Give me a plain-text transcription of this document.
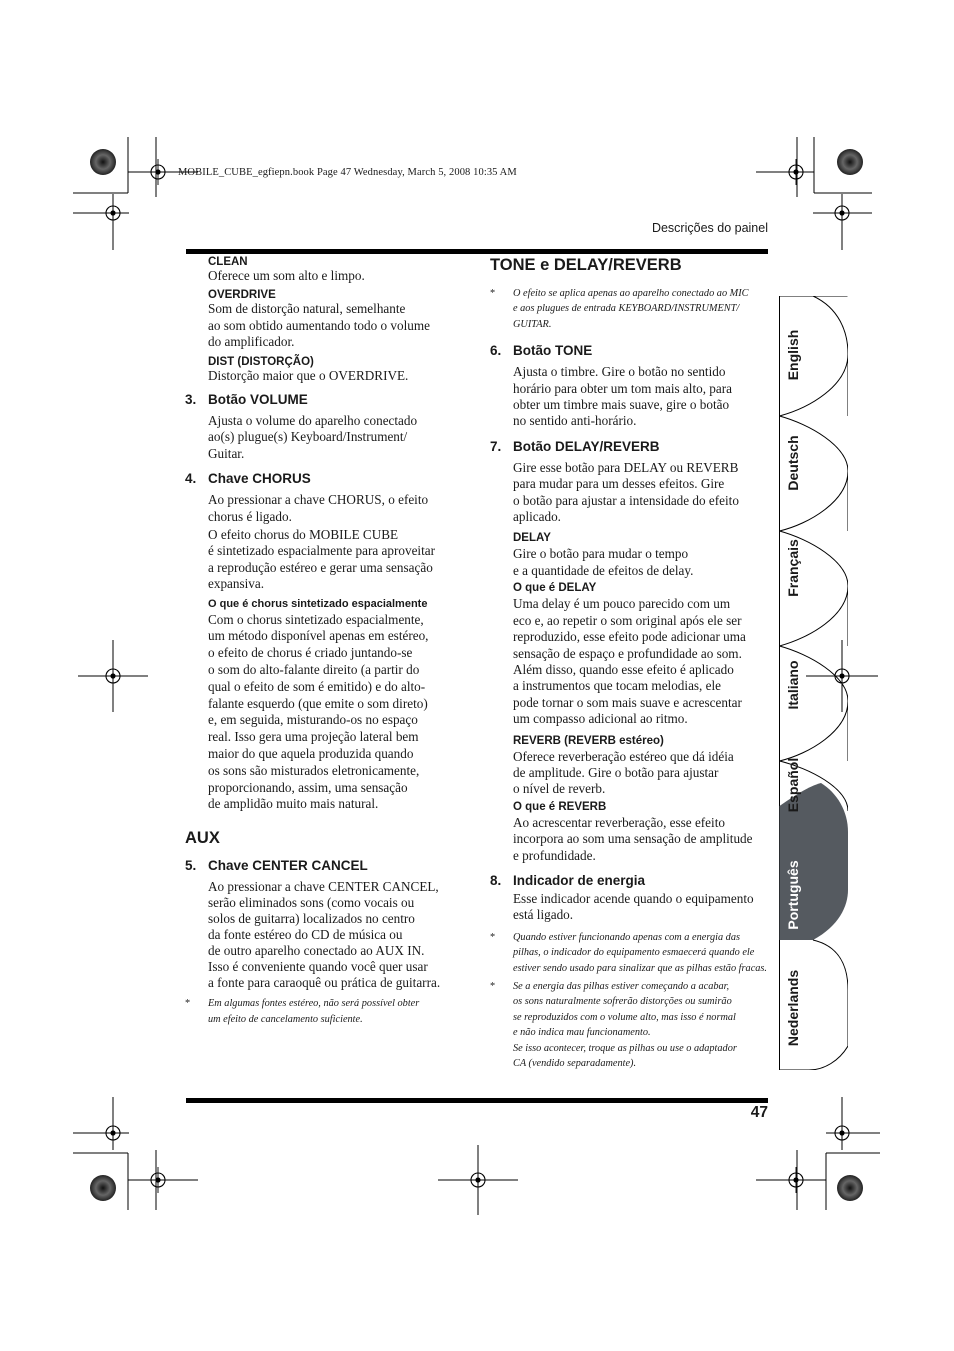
MOBILE_CUBE_egfiepn.book Page 47 Wednesday, March 5, 2008 10:35 AM
Descrições do painel
47
English
Deutsch
Français
Italiano
Español
Português
Nederlands
CLEAN
Oferece um som alto e limpo.
OVERDRIVE
Som de distorção natural, semelhante
ao som obtido aumentando todo o volume
do amplificador.
DIST (DISTORÇÃO)
Distorção maior que o OVERDRIVE.
3. Botão VOLUME
Ajusta o volume do aparelho conectado
ao(s) plugue(s) Keyboard/Instrument/
Guitar.
4. Chave CHORUS
Ao pressionar a chave CHORUS, o efeito
chorus é ligado.
O efeito chorus do MOBILE CUBE
é sintetizado espacialmente para aproveitar
a reprodução estéreo e gerar uma sensação
expansiva.
O que é chorus sintetizado espacialmente
Com o chorus sintetizado espacialmente,
um método disponível apenas em estéreo,
o efeito de chorus é criado juntando-se
o som do alto-falante direito (a partir do
qual o efeito de som é emitido) e do alto-
falante esquerdo (que emite o som direto)
e, em seguida, misturando-os no espaço
real. Isso gera uma projeção lateral bem
maior do que aquela produzida quando
os sons são misturados eletronicamente,
proporcionando, assim, uma sensação
de amplidão muito mais natural.
AUX
5. Chave CENTER CANCEL
Ao pressionar a chave CENTER CANCEL,
serão eliminados sons (como vocais ou
solos de guitarra) localizados no centro
da fonte estéreo do CD de música ou
de outro aparelho conectado ao AUX IN.
Isso é conveniente quando você quer usar
a fonte para caraoquê ou prática de guitarra.
* Em algumas fontes estéreo, não será possível obter
um efeito de cancelamento suficiente.
TONE e DELAY/REVERB
* O efeito se aplica apenas ao aparelho conectado ao MIC
e aos plugues de entrada KEYBOARD/INSTRUMENT/
GUITAR.
6. Botão TONE
Ajusta o timbre. Gire o botão no sentido
horário para obter um tom mais alto, para
obter um timbre mais suave, gire o botão
no sentido anti-horário.
7. Botão DELAY/REVERB
Gire esse botão para DELAY ou REVERB
para mudar para um desses efeitos. Gire
o botão para ajustar a intensidade do efeito
aplicado.
DELAY
Gire o botão para mudar o tempo
e a quantidade de efeitos de delay.
O que é DELAY
Uma delay é um pouco parecido com um
eco e, ao repetir o som original após ele ser
reproduzido, esse efeito pode adicionar uma
sensação de espaço e profundidade ao som.
Além disso, quando esse efeito é aplicado
a instrumentos que tocam melodias, ele
pode tornar o som mais suave e acrescentar
um compasso adicional ao ritmo.
REVERB (REVERB estéreo)
Oferece reverberação estéreo que dá idéia
de amplitude. Gire o botão para ajustar
o nível de reverb.
O que é REVERB
Ao acrescentar reverberação, esse efeito
incorpora ao som uma sensação de amplitude
e profundidade.
8. Indicador de energia
Esse indicador acende quando o equipamento
está ligado.
* Quando estiver funcionando apenas com a energia das
pilhas, o indicador do equipamento esmaecerá quando ele
estiver sendo usado para sinalizar que as pilhas estão fracas.
* Se a energia das pilhas estiver começando a acabar,
os sons naturalmente sofrerão distorções ou sumirão
se reproduzidos com o volume alto, mas isso é normal
e não indica mau funcionamento.
Se isso acontecer, troque as pilhas ou use o adaptador
CA (vendido separadamente).
